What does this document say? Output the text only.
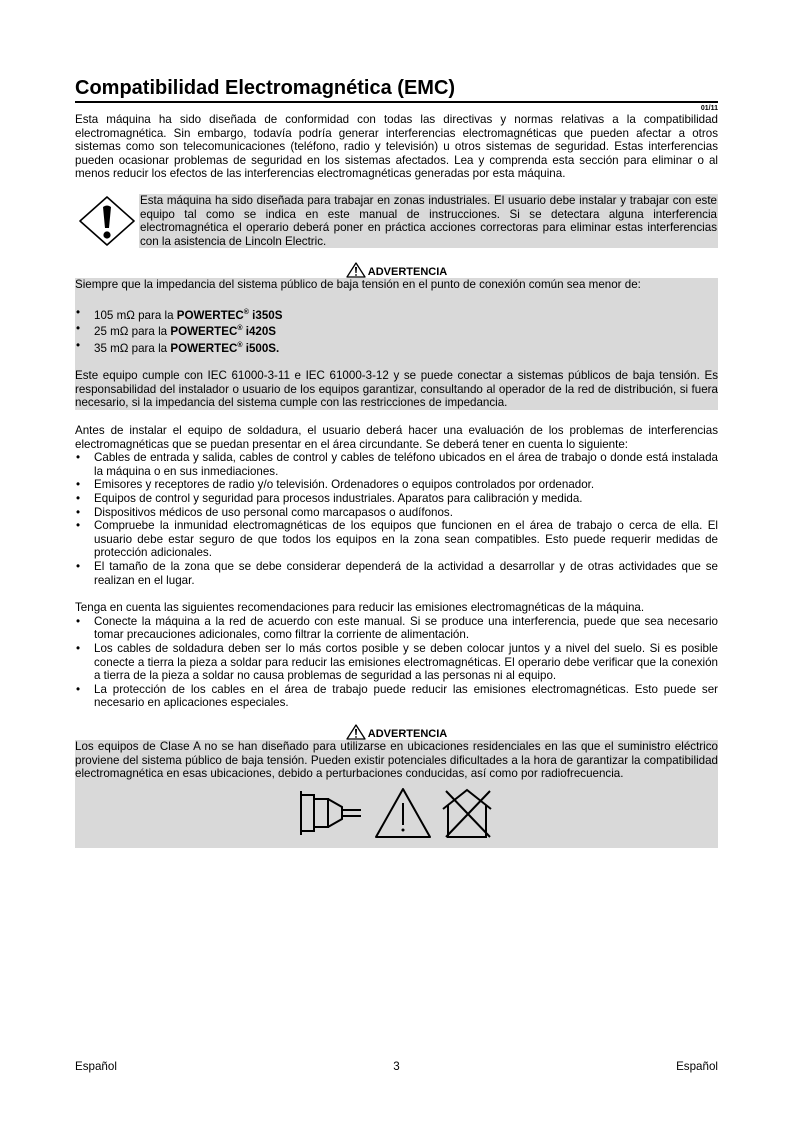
Compatibilidad Electromagnética (EMC)
01/11

Esta máquina ha sido diseñada de conformidad con todas las directivas y normas relativas a la compatibilidad electromagnética. Sin embargo, todavía podría generar interferencias electromagnéticas que pueden afectar a otros sistemas como son telecomunicaciones (teléfono, radio y televisión) u otros sistemas de seguridad. Estas interferencias pueden ocasionar problemas de seguridad en los sistemas afectados. Lea y comprenda esta sección para eliminar o al menos reducir los efectos de las interferencias electromagnéticas generadas por esta máquina.

Esta máquina ha sido diseñada para trabajar en zonas industriales. El usuario debe instalar y trabajar con este equipo tal como se indica en este manual de instrucciones. Si se detectara alguna interferencia electromagnética el operario deberá poner en práctica acciones correctoras para eliminar estas interferencias con la asistencia de Lincoln Electric.

ADVERTENCIA

Siempre que la impedancia del sistema público de baja tensión en el punto de conexión común sea menor de:

• 105 mΩ para la POWERTEC® i350S
• 25 mΩ para la POWERTEC® i420S
• 35 mΩ para la POWERTEC® i500S.

Este equipo cumple con IEC 61000-3-11 e IEC 61000-3-12 y se puede conectar a sistemas públicos de baja tensión. Es responsabilidad del instalador o usuario de los equipos garantizar, consultando al operador de la red de distribución, si fuera necesario, si la impedancia del sistema cumple con las restricciones de impedancia.

Antes de instalar el equipo de soldadura, el usuario deberá hacer una evaluación de los problemas de interferencias electromagnéticas que se puedan presentar en el área circundante. Se deberá tener en cuenta lo siguiente:

• Cables de entrada y salida, cables de control y cables de teléfono ubicados en el área de trabajo o donde está instalada la máquina o en sus inmediaciones.
• Emisores y receptores de radio y/o televisión. Ordenadores o equipos controlados por ordenador.
• Equipos de control y seguridad para procesos industriales. Aparatos para calibración y medida.
• Dispositivos médicos de uso personal como marcapasos o audífonos.
• Compruebe la inmunidad electromagnéticas de los equipos que funcionen en el área de trabajo o cerca de ella. El usuario debe estar seguro de que todos los equipos en la zona sean compatibles. Esto puede requerir medidas de protección adicionales.
• El tamaño de la zona que se debe considerar dependerá de la actividad a desarrollar y de otras actividades que se realizan en el lugar.

Tenga en cuenta las siguientes recomendaciones para reducir las emisiones electromagnéticas de la máquina.

• Conecte la máquina a la red de acuerdo con este manual. Si se produce una interferencia, puede que sea necesario tomar precauciones adicionales, como filtrar la corriente de alimentación.
• Los cables de soldadura deben ser lo más cortos posible y se deben colocar juntos y a nivel del suelo. Si es posible conecte a tierra la pieza a soldar para reducir las emisiones electromagnéticas. El operario debe verificar que la conexión a tierra de la pieza a soldar no causa problemas de seguridad a las personas ni al equipo.
• La protección de los cables en el área de trabajo puede reducir las emisiones electromagnéticas. Esto puede ser necesario en aplicaciones especiales.
ADVERTENCIA

Los equipos de Clase A no se han diseñado para utilizarse en ubicaciones residenciales en las que el suministro eléctrico proviene del sistema público de baja tensión. Pueden existir potenciales dificultades a la hora de garantizar la compatibilidad electromagnética en esas ubicaciones, debido a perturbaciones conducidas, así como por radiofrecuencia.

Español	3	Español
